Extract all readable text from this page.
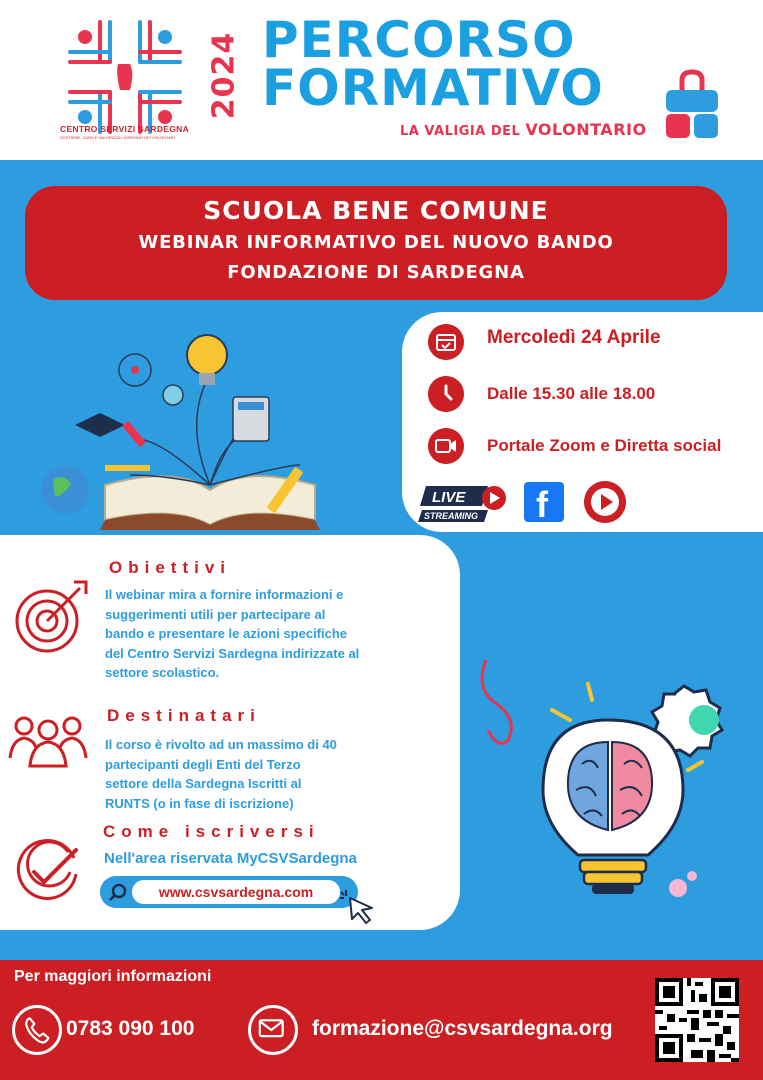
CENTRO SERVIZI SARDEGNA
SOSTIENE, CURA E VALORIZZA L'IMPEGNO DEI VOLONTARI
2024 PERCORSO
FORMATIVO
LA VALIGIA DEL VOLONTARIO
SCUOLA BENE COMUNE
WEBINAR INFORMATIVO DEL NUOVO BANDO
FONDAZIONE DI SARDEGNA
Mercoledì 24 Aprile
Dalle 15.30 alle 18.00
Portale Zoom e Diretta social
LIVE
STREAMING f
Obiettivi
Il webinar mira a fornire informazioni e
suggerimenti utili per partecipare al
bando e presentare le azioni specifiche
del Centro Servizi Sardegna indirizzate al
settore scolastico.
Destinatari
Il corso è rivolto ad un massimo di 40
partecipanti degli Enti del Terzo
settore della Sardegna Iscritti al
RUNTS (o in fase di iscrizione)
Come iscriversi
Nell'area riservata MyCSVSardegna
www.csvsardegna.com
Per maggiori informazioni
0783 090 100	formazione@csvsardegna.org
